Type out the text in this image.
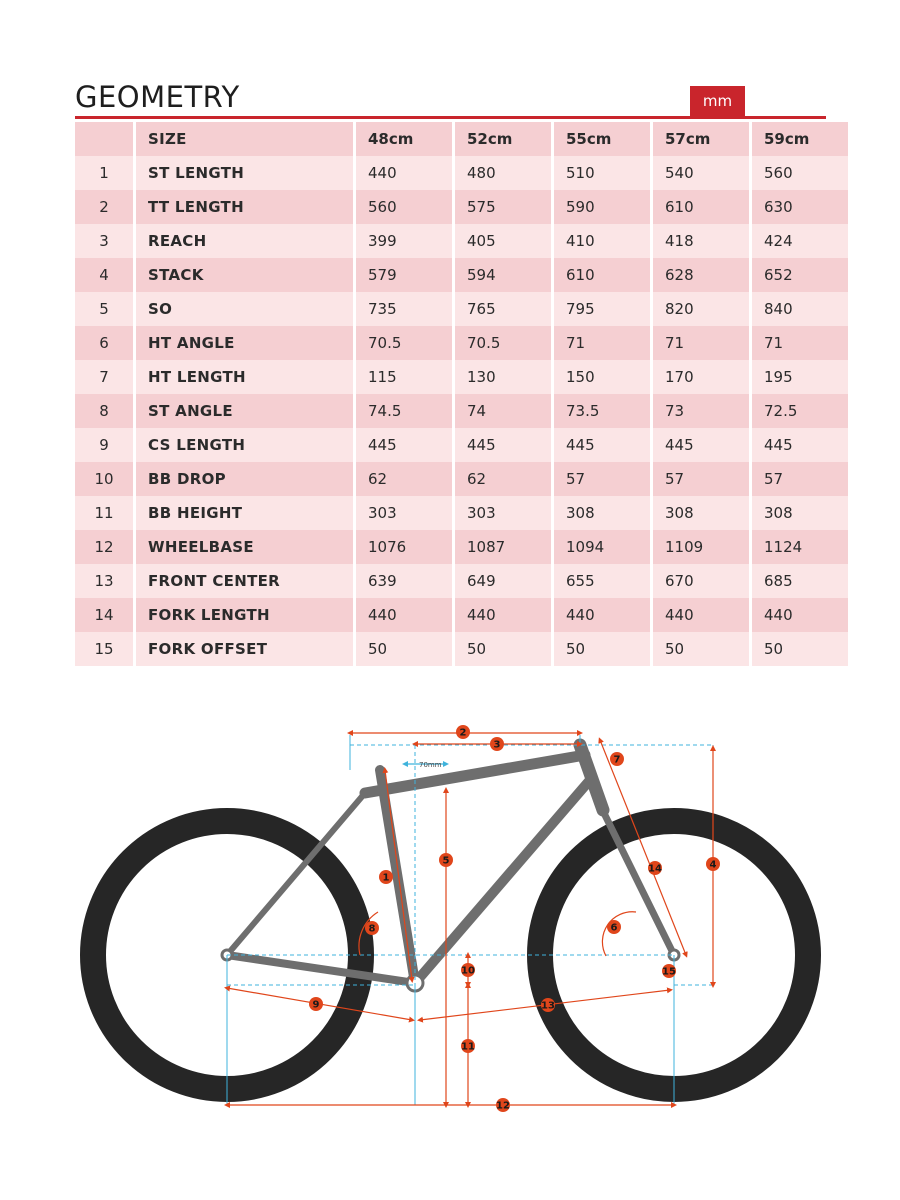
GEOMETRY	mm
	SIZE	48cm	52cm	55cm	57cm	59cm
1	ST LENGTH	440	480	510	540	560
2	TT LENGTH	560	575	590	610	630
3	REACH	399	405	410	418	424
4	STACK	579	594	610	628	652
5	SO	735	765	795	820	840
6	HT ANGLE	70.5	70.5	71	71	71
7	HT LENGTH	115	130	150	170	195
8	ST ANGLE	74.5	74	73.5	73	72.5
9	CS LENGTH	445	445	445	445	445
10	BB DROP	62	62	57	57	57
11	BB HEIGHT	303	303	308	308	308
12	WHEELBASE	1076	1087	1094	1109	1124
13	FRONT CENTER	639	649	655	670	685
14	FORK LENGTH	440	440	440	440	440
15	FORK OFFSET	50	50	50	50	50
70mm
1
2
3
4
5
6
7
8
9
10
11
12
13
14
15
